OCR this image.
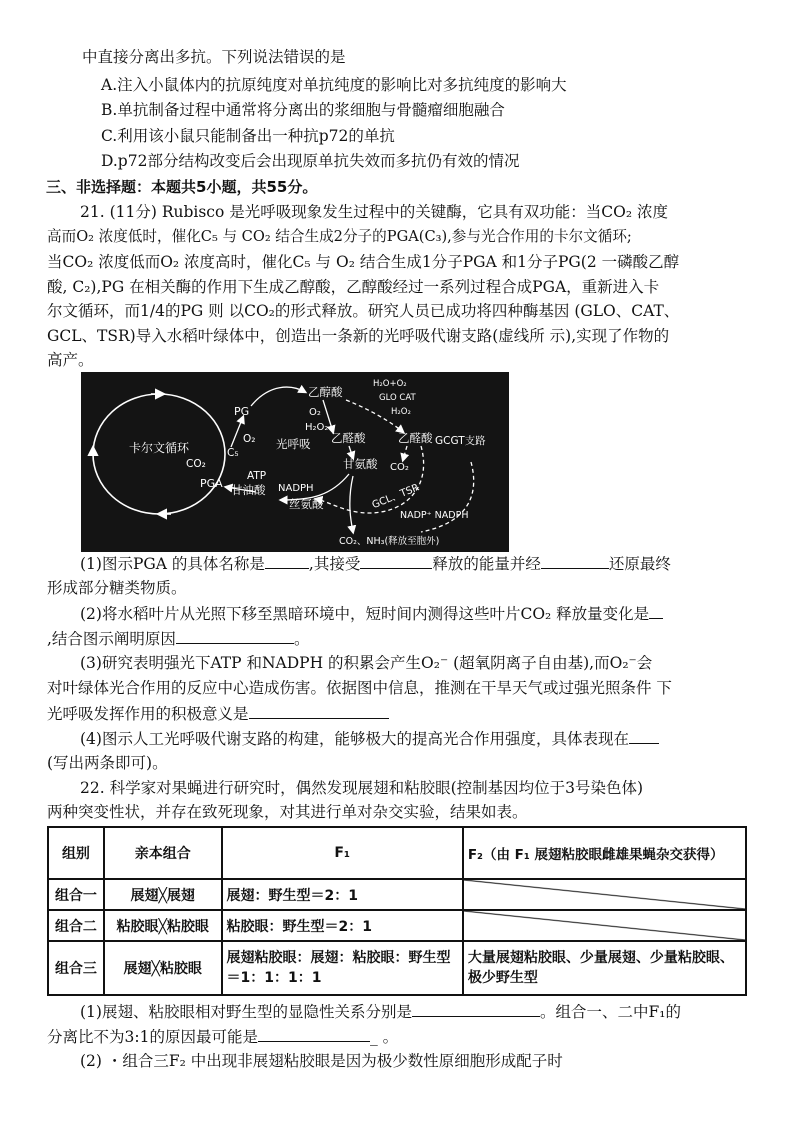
中直接分离出多抗。下列说法错误的是
A.注入小鼠体内的抗原纯度对单抗纯度的影响比对多抗纯度的影响大
B.单抗制备过程中通常将分离出的浆细胞与骨髓瘤细胞融合
C.利用该小鼠只能制备出一种抗p72的单抗
D.p72部分结构改变后会出现原单抗失效而多抗仍有效的情况
三、非选择题：本题共5小题，共55分。
21. (11分) Rubisco 是光呼吸现象发生过程中的关键酶，它具有双功能：当CO₂ 浓度
高而O₂ 浓度低时，催化C₅ 与 CO₂ 结合生成2分子的PGA(C₃),参与光合作用的卡尔文循环;
当CO₂ 浓度低而O₂ 浓度高时，催化C₅ 与 O₂ 结合生成1分子PGA 和1分子PG(2 一磷酸乙醇
酸, C₂),PG 在相关酶的作用下生成乙醇酸，乙醇酸经过一系列过程合成PGA，重新进入卡
尔文循环，而1/4的PG 则 以CO₂的形式释放。研究人员已成功将四种酶基因 (GLO、CAT、
GCL、TSR)导入水稻叶绿体中，创造出一条新的光呼吸代谢支路(虚线所 示),实现了作物的
高产。
卡尔文循环
CO₂
C₅
PGA
PG
O₂ 光呼吸
乙醇酸
O₂
H₂O₂
乙醛酸	乙醛酸
H₂O+O₂
GLO CAT
H₂O₂
GCGT支路
CO₂
甘氨酸
ATP
甘油酸 NADPH
丝氨酸	GCL、TSR
NADP⁺ NADPH
CO₂、NH₃(释放至胞外)
(1)图示PGA 的具体名称是	,其接受	释放的能量并经	还原最终
形成部分糖类物质。
(2)将水稻叶片从光照下移至黑暗环境中，短时间内测得这些叶片CO₂ 释放量变化是
,结合图示阐明原因	。
(3)研究表明强光下ATP 和NADPH 的积累会产生O₂⁻ (超氧阴离子自由基),而O₂⁻会
对叶绿体光合作用的反应中心造成伤害。依据图中信息，推测在干旱天气或过强光照条件 下
光呼吸发挥作用的积极意义是
(4)图示人工光呼吸代谢支路的构建，能够极大的提高光合作用强度，具体表现在
(写出两条即可)。
22. 科学家对果蝇进行研究时，偶然发现展翅和粘胶眼(控制基因均位于3号染色体)
两种突变性状，并存在致死现象，对其进行单对杂交实验，结果如表。
组别	亲本组合	F₁	F₂（由 F₁ 展翅粘胶眼雌雄果蝇杂交获得）
组合一	展翅╳展翅	展翅：野生型＝2：1	
组合二	粘胶眼╳粘胶眼	粘胶眼：野生型＝2：1	
组合三	展翅╳粘胶眼	展翅粘胶眼：展翅：粘胶眼：野生型＝1：1：1：1	大量展翅粘胶眼、少量展翅、少量粘胶眼、极少野生型
(1)展翅、粘胶眼相对野生型的显隐性关系分别是	。组合一、二中F₁的
分离比不为3:1的原因最可能是	_ 。
(2) ・组合三F₂ 中出现非展翅粘胶眼是因为极少数性原细胞形成配子时
